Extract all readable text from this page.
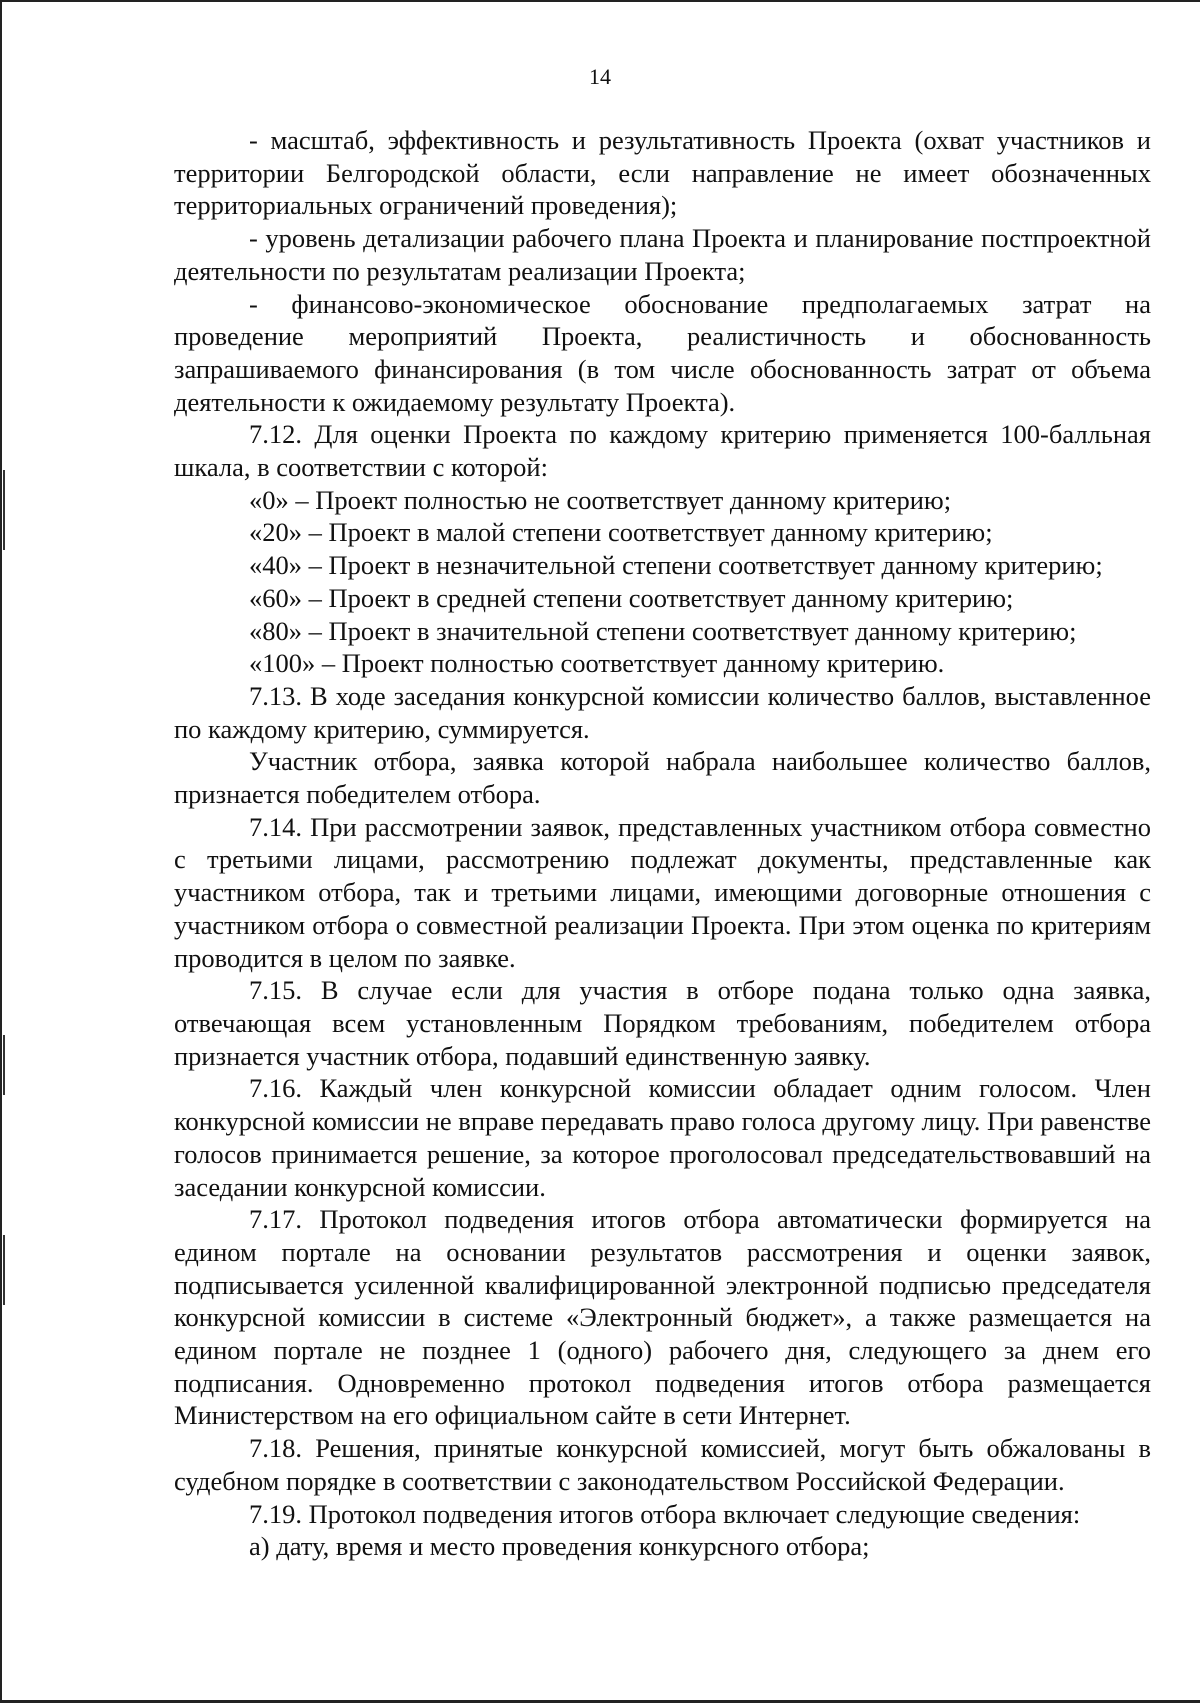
14

- масштаб, эффективность и результативность Проекта (охват участников и территории Белгородской области, если направление не имеет обозначенных территориальных ограничений проведения);

- уровень детализации рабочего плана Проекта и планирование постпроектной деятельности по результатам реализации Проекта;

- финансово-экономическое обоснование предполагаемых затрат на проведение мероприятий Проекта, реалистичность и обоснованность запрашиваемого финансирования (в том числе обоснованность затрат от объема деятельности к ожидаемому результату Проекта).

7.12. Для оценки Проекта по каждому критерию применяется 100-балльная шкала, в соответствии с которой:

«0» – Проект полностью не соответствует данному критерию;

«20» – Проект в малой степени соответствует данному критерию;

«40» – Проект в незначительной степени соответствует данному критерию;

«60» – Проект в средней степени соответствует данному критерию;

«80» – Проект в значительной степени соответствует данному критерию;

«100» – Проект полностью соответствует данному критерию.

7.13. В ходе заседания конкурсной комиссии количество баллов, выставленное по каждому критерию, суммируется.

Участник отбора, заявка которой набрала наибольшее количество баллов, признается победителем отбора.

7.14. При рассмотрении заявок, представленных участником отбора совместно с третьими лицами, рассмотрению подлежат документы, представленные как участником отбора, так и третьими лицами, имеющими договорные отношения с участником отбора о совместной реализации Проекта. При этом оценка по критериям проводится в целом по заявке.

7.15. В случае если для участия в отборе подана только одна заявка, отвечающая всем установленным Порядком требованиям, победителем отбора признается участник отбора, подавший единственную заявку.

7.16. Каждый член конкурсной комиссии обладает одним голосом. Член конкурсной комиссии не вправе передавать право голоса другому лицу. При равенстве голосов принимается решение, за которое проголосовал председательствовавший на заседании конкурсной комиссии.

7.17. Протокол подведения итогов отбора автоматически формируется на едином портале на основании результатов рассмотрения и оценки заявок, подписывается усиленной квалифицированной электронной подписью председателя конкурсной комиссии в системе «Электронный бюджет», а также размещается на едином портале не позднее 1 (одного) рабочего дня, следующего за днем его подписания. Одновременно протокол подведения итогов отбора размещается Министерством на его официальном сайте в сети Интернет.

7.18. Решения, принятые конкурсной комиссией, могут быть обжалованы в судебном порядке в соответствии с законодательством Российской Федерации.

7.19. Протокол подведения итогов отбора включает следующие сведения:

а) дату, время и место проведения конкурсного отбора;
